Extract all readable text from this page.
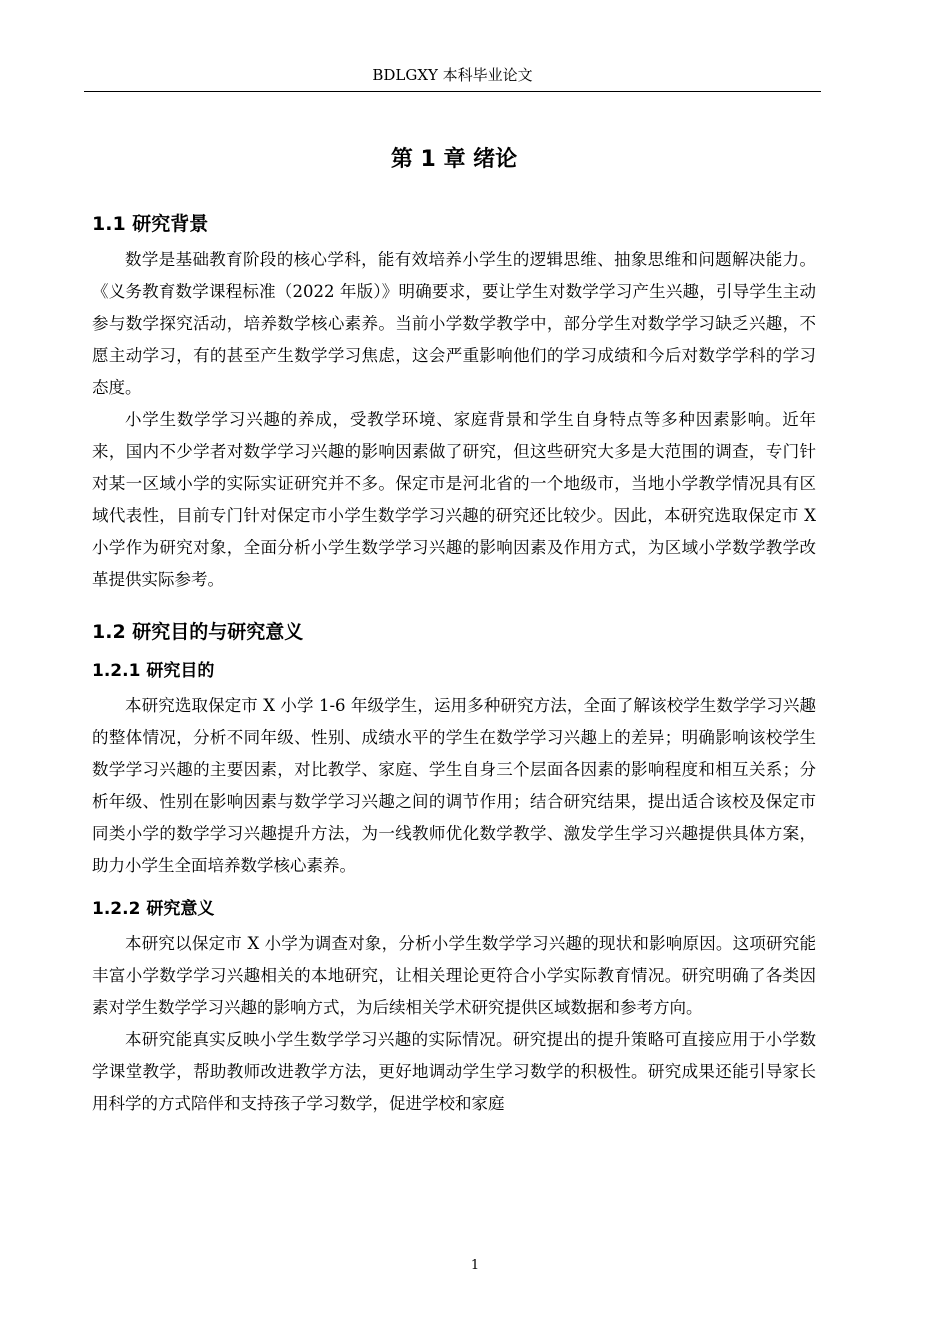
BDLGXY 本科毕业论文
第 1 章 绪论
1.1 研究背景

数学是基础教育阶段的核心学科，能有效培养小学生的逻辑思维、抽象思维和问题解决能力。《义务教育数学课程标准（2022 年版）》明确要求，要让学生对数学学习产生兴趣，引导学生主动参与数学探究活动，培养数学核心素养。当前小学数学教学中，部分学生对数学学习缺乏兴趣，不愿主动学习，有的甚至产生数学学习焦虑，这会严重影响他们的学习成绩和今后对数学学科的学习态度。

小学生数学学习兴趣的养成，受教学环境、家庭背景和学生自身特点等多种因素影响。近年来，国内不少学者对数学学习兴趣的影响因素做了研究，但这些研究大多是大范围的调查，专门针对某一区域小学的实际实证研究并不多。保定市是河北省的一个地级市，当地小学教学情况具有区域代表性，目前专门针对保定市小学生数学学习兴趣的研究还比较少。因此，本研究选取保定市 X 小学作为研究对象，全面分析小学生数学学习兴趣的影响因素及作用方式，为区域小学数学教学改革提供实际参考。

1.2 研究目的与研究意义
1.2.1 研究目的

本研究选取保定市 X 小学 1-6 年级学生，运用多种研究方法，全面了解该校学生数学学习兴趣的整体情况，分析不同年级、性别、成绩水平的学生在数学学习兴趣上的差异；明确影响该校学生数学学习兴趣的主要因素，对比教学、家庭、学生自身三个层面各因素的影响程度和相互关系；分析年级、性别在影响因素与数学学习兴趣之间的调节作用；结合研究结果，提出适合该校及保定市同类小学的数学学习兴趣提升方法，为一线教师优化数学教学、激发学生学习兴趣提供具体方案，助力小学生全面培养数学核心素养。

1.2.2 研究意义

本研究以保定市 X 小学为调查对象，分析小学生数学学习兴趣的现状和影响原因。这项研究能丰富小学数学学习兴趣相关的本地研究，让相关理论更符合小学实际教育情况。研究明确了各类因素对学生数学学习兴趣的影响方式，为后续相关学术研究提供区域数据和参考方向。

本研究能真实反映小学生数学学习兴趣的实际情况。研究提出的提升策略可直接应用于小学数学课堂教学，帮助教师改进教学方法，更好地调动学生学习数学的积极性。研究成果还能引导家长用科学的方式陪伴和支持孩子学习数学，促进学校和家庭

1
